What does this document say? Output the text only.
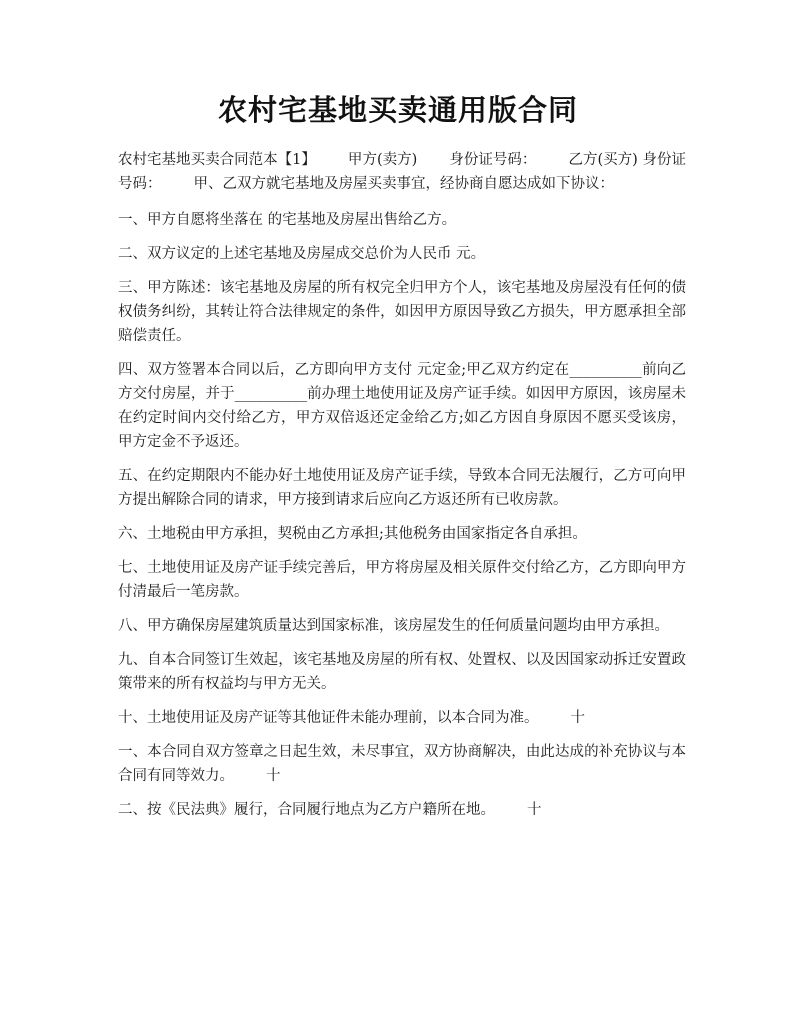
农村宅基地买卖通用版合同

农村宅基地买卖合同范本【1】 甲方(卖方) 身份证号码： 乙方(买方) 身份证号码： 甲、乙双方就宅基地及房屋买卖事宜，经协商自愿达成如下协议：

一、甲方自愿将坐落在 的宅基地及房屋出售给乙方。

二、双方议定的上述宅基地及房屋成交总价为人民币 元。

三、甲方陈述：该宅基地及房屋的所有权完全归甲方个人，该宅基地及房屋没有任何的债权债务纠纷，其转让符合法律规定的条件，如因甲方原因导致乙方损失，甲方愿承担全部赔偿责任。

四、双方签署本合同以后，乙方即向甲方支付 元定金;甲乙双方约定在__________前向乙方交付房屋，并于__________前办理土地使用证及房产证手续。如因甲方原因，该房屋未在约定时间内交付给乙方，甲方双倍返还定金给乙方;如乙方因自身原因不愿买受该房，甲方定金不予返还。

五、在约定期限内不能办好土地使用证及房产证手续，导致本合同无法履行，乙方可向甲方提出解除合同的请求，甲方接到请求后应向乙方返还所有已收房款。

六、土地税由甲方承担，契税由乙方承担;其他税务由国家指定各自承担。

七、土地使用证及房产证手续完善后，甲方将房屋及相关原件交付给乙方，乙方即向甲方付清最后一笔房款。

八、甲方确保房屋建筑质量达到国家标准，该房屋发生的任何质量问题均由甲方承担。

九、自本合同签订生效起，该宅基地及房屋的所有权、处置权、以及因国家动拆迁安置政策带来的所有权益均与甲方无关。

十、土地使用证及房产证等其他证件未能办理前，以本合同为准。 十

一、本合同自双方签章之日起生效，未尽事宜，双方协商解决，由此达成的补充协议与本合同有同等效力。 十

二、按《民法典》履行，合同履行地点为乙方户籍所在地。 十
